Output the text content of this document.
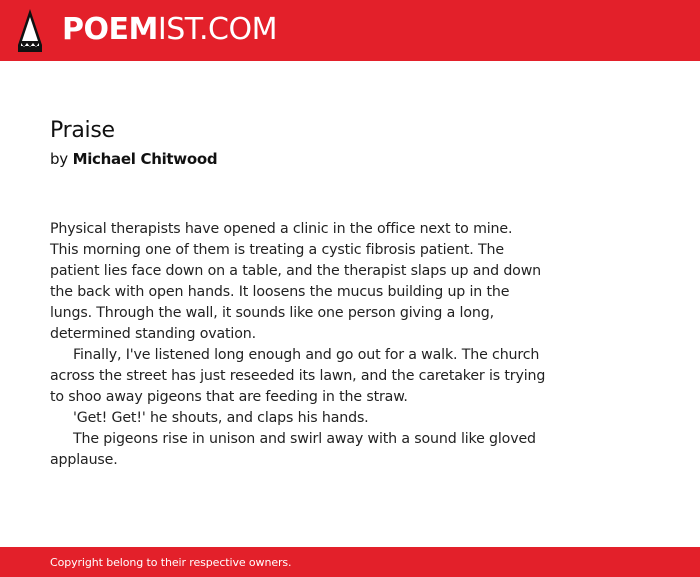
POEM IST.COM
Praise
by Michael Chitwood
Physical therapists have opened a clinic in the office next to mine.
This morning one of them is treating a cystic fibrosis patient. The
patient lies face down on a table, and the therapist slaps up and down
the back with open hands. It loosens the mucus building up in the
lungs. Through the wall, it sounds like one person giving a long,
determined standing ovation.
Finally, I've listened long enough and go out for a walk. The church
across the street has just reseeded its lawn, and the caretaker is trying
to shoo away pigeons that are feeding in the straw.
'Get! Get!' he shouts, and claps his hands.
The pigeons rise in unison and swirl away with a sound like gloved
applause.
Copyright belong to their respective owners.
